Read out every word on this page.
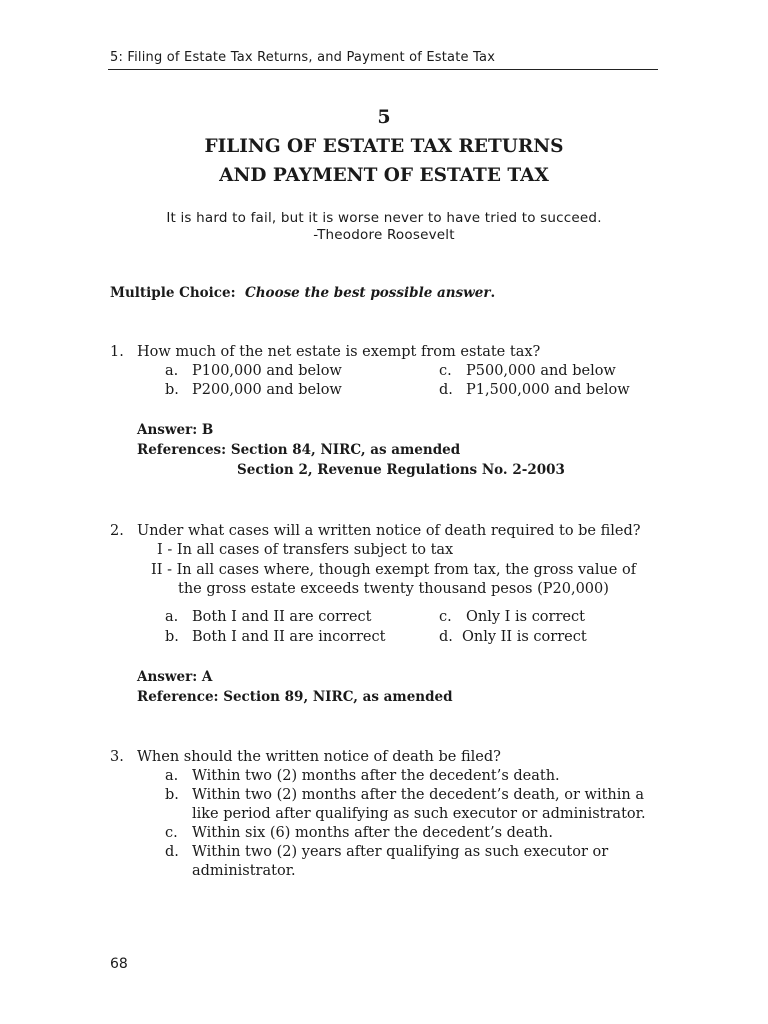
5: Filing of Estate Tax Returns, and Payment of Estate Tax
5
FILING OF ESTATE TAX RETURNS
AND PAYMENT OF ESTATE TAX
It is hard to fail, but it is worse never to have tried to succeed.
-Theodore Roosevelt
Multiple Choice: Choose the best possible answer.
1. How much of the net estate is exempt from estate tax?
a. P100,000 and below
b. P200,000 and below
c. P500,000 and below
d. P1,500,000 and below
Answer: B
References: Section 84, NIRC, as amended
Section 2, Revenue Regulations No. 2-2003
2. Under what cases will a written notice of death required to be filed?
I - In all cases of transfers subject to tax
II - In all cases where, though exempt from tax, the gross value of
the gross estate exceeds twenty thousand pesos (P20,000)
a. Both I and II are correct
b. Both I and II are incorrect
c. Only I is correct
d. Only II is correct
Answer: A
Reference: Section 89, NIRC, as amended
3. When should the written notice of death be filed?
a. Within two (2) months after the decedent’s death.
b. Within two (2) months after the decedent’s death, or within a
like period after qualifying as such executor or administrator.
c. Within six (6) months after the decedent’s death.
d. Within two (2) years after qualifying as such executor or
administrator.
68
